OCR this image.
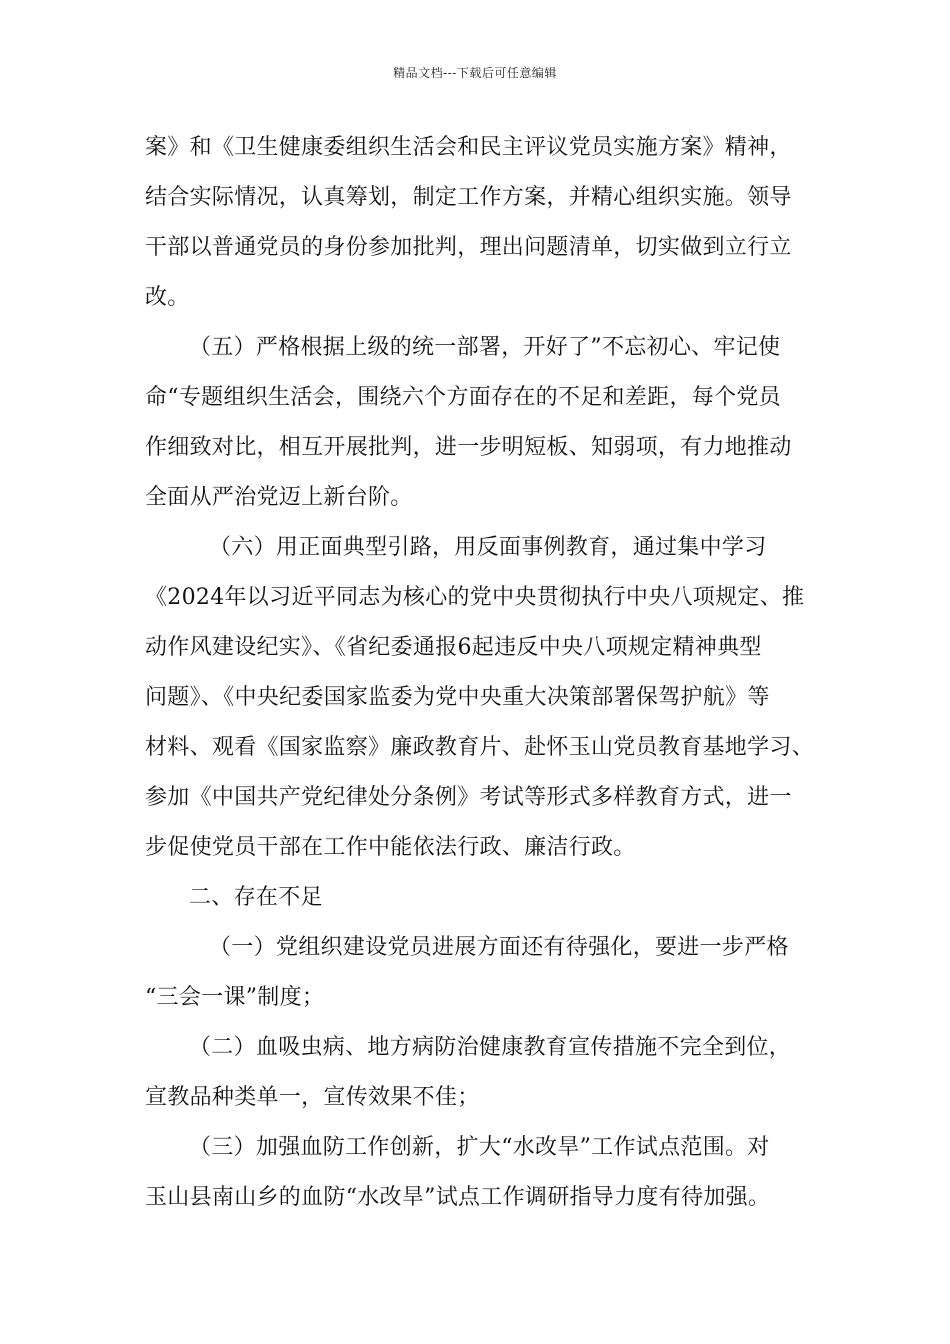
精品文档---下载后可任意编辑
案》和《卫生健康委组织生活会和民主评议党员实施方案》精神，
结合实际情况，认真筹划，制定工作方案，并精心组织实施。领导
干部以普通党员的身份参加批判，理出问题清单，切实做到立行立
改。
（五）严格根据上级的统一部署，开好了”不忘初心、牢记使
命“专题组织生活会，围绕六个方面存在的不足和差距，每个党员
作细致对比，相互开展批判，进一步明短板、知弱项，有力地推动
全面从严治党迈上新台阶。
（六）用正面典型引路，用反面事例教育，通过集中学习
《2024年以习近平同志为核心的党中央贯彻执行中央八项规定、推
动作风建设纪实》、《省纪委通报6起违反中央八项规定精神典型
问题》、《中央纪委国家监委为党中央重大决策部署保驾护航》等
材料、观看《国家监察》廉政教育片、赴怀玉山党员教育基地学习、
参加《中国共产党纪律处分条例》考试等形式多样教育方式，进一
步促使党员干部在工作中能依法行政、廉洁行政。
二、存在不足
（一）党组织建设党员进展方面还有待强化，要进一步严格
“三会一课”制度；
（二）血吸虫病、地方病防治健康教育宣传措施不完全到位，
宣教品种类单一，宣传效果不佳；
（三）加强血防工作创新，扩大“水改旱”工作试点范围。对
玉山县南山乡的血防“水改旱”试点工作调研指导力度有待加强。
